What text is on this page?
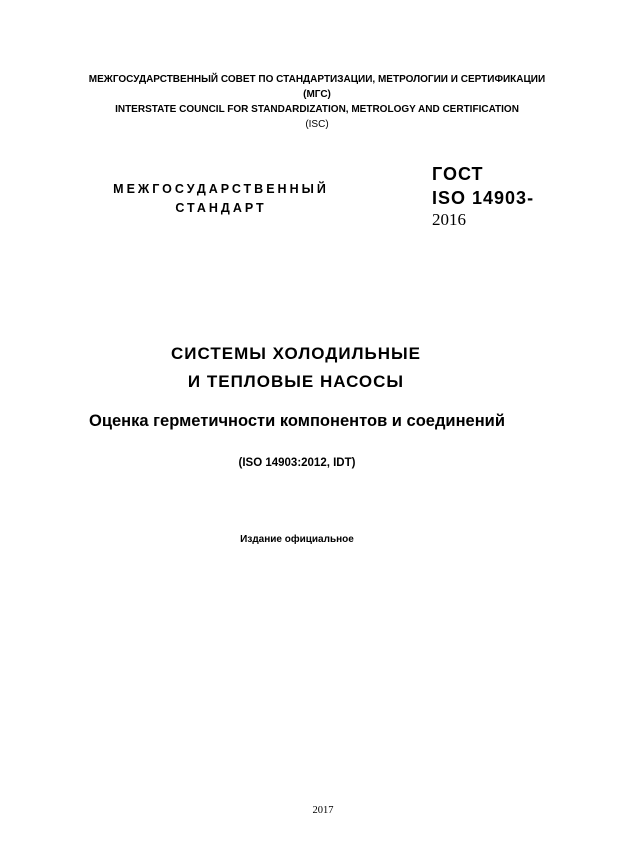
МЕЖГОСУДАРСТВЕННЫЙ СОВЕТ ПО СТАНДАРТИЗАЦИИ, МЕТРОЛОГИИ И СЕРТИФИКАЦИИ
(МГС)
INTERSTATE COUNCIL FOR STANDARDIZATION, METROLOGY AND CERTIFICATION
(ISC)
МЕЖГОСУДАРСТВЕННЫЙ
СТАНДАРТ
ГОСТ
ISO 14903-
2016
СИСТЕМЫ ХОЛОДИЛЬНЫЕ
И ТЕПЛОВЫЕ НАСОСЫ
Оценка герметичности компонентов и соединений
(ISO 14903:2012, IDT)
Издание официальное
2017
